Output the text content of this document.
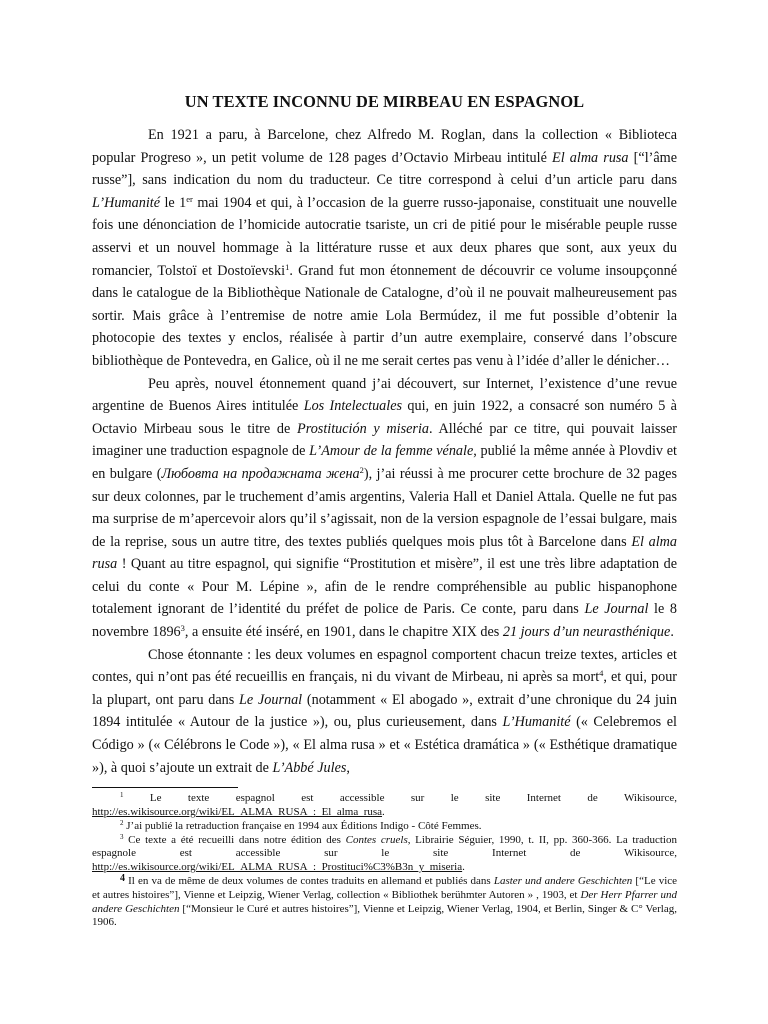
UN TEXTE INCONNU DE MIRBEAU EN ESPAGNOL

En 1921 a paru, à Barcelone, chez Alfredo M. Roglan, dans la collection « Biblioteca popular Progreso », un petit volume de 128 pages d’Octavio Mirbeau intitulé El alma rusa [“l’âme russe”], sans indication du nom du traducteur. Ce titre correspond à celui d’un article paru dans L’Humanité le 1er mai 1904 et qui, à l’occasion de la guerre russo-japonaise, constituait une nouvelle fois une dénonciation de l’homicide autocratie tsariste, un cri de pitié pour le misérable peuple russe asservi et un nouvel hommage à la littérature russe et aux deux phares que sont, aux yeux du romancier, Tolstoï et Dostoïevski$^1$. Grand fut mon étonnement de découvrir ce volume insoupçonné dans le catalogue de la Bibliothèque Nationale de Catalogne, d’où il ne pouvait malheureusement pas sortir. Mais grâce à l’entremise de notre amie Lola Bermúdez, il me fut possible d’obtenir la photocopie des textes y enclos, réalisée à partir d’un autre exemplaire, conservé dans l’obscure bibliothèque de Pontevedra, en Galice, où il ne me serait certes pas venu à l’idée d’aller le dénicher…

Peu après, nouvel étonnement quand j’ai découvert, sur Internet, l’existence d’une revue argentine de Buenos Aires intitulée Los Intelectuales qui, en juin 1922, a consacré son numéro 5 à Octavio Mirbeau sous le titre de Prostitución y miseria. Alléché par ce titre, qui pouvait laisser imaginer une traduction espagnole de L’Amour de la femme vénale, publié la même année à Plovdiv et en bulgare (Любовта на продажната жена$^2$), j’ai réussi à me procurer cette brochure de 32 pages sur deux colonnes, par le truchement d’amis argentins, Valeria Hall et Daniel Attala. Quelle ne fut pas ma surprise de m’apercevoir alors qu’il s’agissait, non de la version espagnole de l’essai bulgare, mais de la reprise, sous un autre titre, des textes publiés quelques mois plus tôt à Barcelone dans El alma rusa ! Quant au titre espagnol, qui signifie “Prostitution et misère”, il est une très libre adaptation de celui du conte « Pour M. Lépine », afin de le rendre compréhensible au public hispanophone totalement ignorant de l’identité du préfet de police de Paris. Ce conte, paru dans Le Journal le 8 novembre 1896$^3$, a ensuite été inséré, en 1901, dans le chapitre XIX des 21 jours d’un neurasthénique.

Chose étonnante : les deux volumes en espagnol comportent chacun treize textes, articles et contes, qui n’ont pas été recueillis en français, ni du vivant de Mirbeau, ni après sa mort$^4$, et qui, pour la plupart, ont paru dans Le Journal (notamment « El abogado », extrait d’une chronique du 24 juin 1894 intitulée « Autour de la justice »), ou, plus curieusement, dans L’Humanité (« Celebremos el Código » (« Célébrons le Code »), « El alma rusa » et « Estética dramática » (« Esthétique dramatique »), à quoi s’ajoute un extrait de L’Abbé Jules,

$^1$ Le texte espagnol est accessible sur le site Internet de Wikisource, http://es.wikisource.org/wiki/EL_ALMA_RUSA_:_El_alma_rusa.

$^2$ J’ai publié la retraduction française en 1994 aux Éditions Indigo - Côté Femmes.

$^3$ Ce texte a été recueilli dans notre édition des Contes cruels, Librairie Séguier, 1990, t. II, pp. 360-366. La traduction espagnole est accessible sur le site Internet de Wikisource, http://es.wikisource.org/wiki/EL_ALMA_RUSA_:_Prostituci%C3%B3n_y_miseria.

$^4$ Il en va de même de deux volumes de contes traduits en allemand et publiés dans Laster und andere Geschichten [“Le vice et autres histoires”], Vienne et Leipzig, Wiener Verlag, collection « Bibliothek berühmter Autoren » , 1903, et Der Herr Pfarrer und andere Geschichten [“Monsieur le Curé et autres histoires”], Vienne et Leipzig, Wiener Verlag, 1904, et Berlin, Singer & C° Verlag, 1906.
